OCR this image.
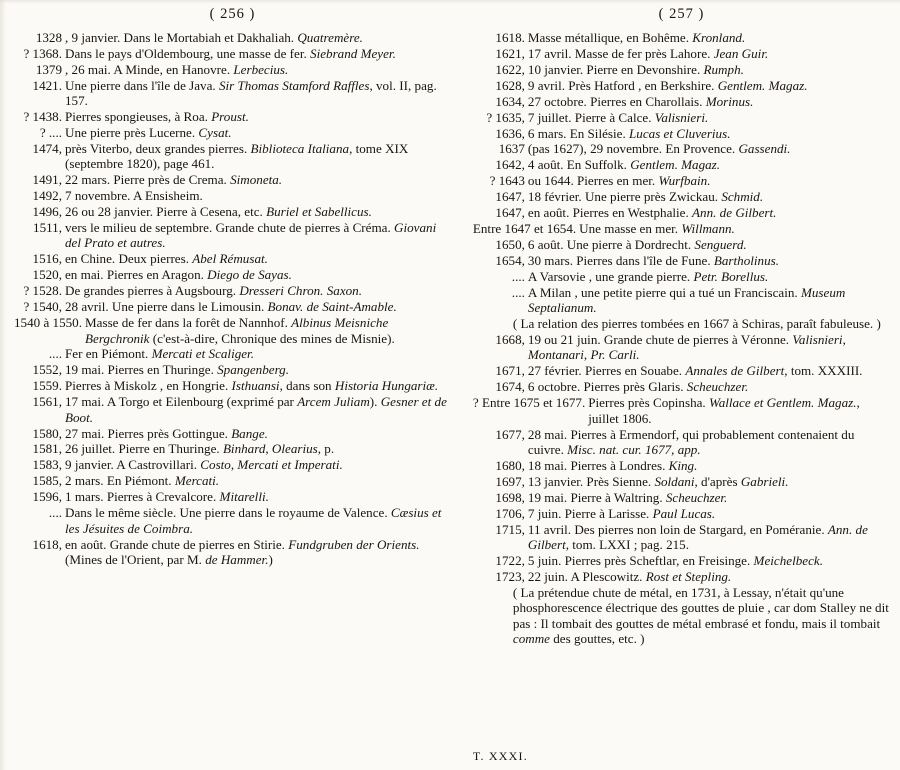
( 256 )
1328 , 9 janvier. Dans le Mortabiah et Dakhaliah. Quatremère.
? 1368. Dans le pays d'Oldembourg, une masse de fer. Siebrand Meyer.
1379 , 26 mai. A Minde, en Hanovre. Lerbecius.
1421. Une pierre dans l'île de Java. Sir Thomas Stamford Raffles, vol. II, pag. 157.
? 1438. Pierres spongieuses, à Roa. Proust.
? .... Une pierre près Lucerne. Cysat.
1474, près Viterbo, deux grandes pierres. Biblioteca Italiana, tome XIX (septembre 1820), page 461.
1491, 22 mars. Pierre près de Crema. Simoneta.
1492, 7 novembre. A Ensisheim.
1496, 26 ou 28 janvier. Pierre à Cesena, etc. Buriel et Sabellicus.
1511, vers le milieu de septembre. Grande chute de pierres à Créma. Giovani del Prato et autres.
1516, en Chine. Deux pierres. Abel Rémusat.
1520, en mai. Pierres en Aragon. Diego de Sayas.
? 1528. De grandes pierres à Augsbourg. Dresseri Chron. Saxon.
? 1540, 28 avril. Une pierre dans le Limousin. Bonav. de Saint-Amable.
1540 à 1550. Masse de fer dans la forêt de Nannhof. Albinus Meisniche Bergchronik (c'est-à-dire, Chronique des mines de Misnie).
.... Fer en Piémont. Mercati et Scaliger.
1552, 19 mai. Pierres en Thuringe. Spangenberg.
1559. Pierres à Miskolz , en Hongrie. Isthuansi, dans son Historia Hungariæ.
1561, 17 mai. A Torgo et Eilenbourg (exprimé par Arcem Juliam). Gesner et de Boot.
1580, 27 mai. Pierres près Gottingue. Bange.
1581, 26 juillet. Pierre en Thuringe. Binhard, Olearius, p.
1583, 9 janvier. A Castrovillari. Costo, Mercati et Imperati.
1585, 2 mars. En Piémont. Mercati.
1596, 1 mars. Pierres à Crevalcore. Mitarelli.
.... Dans le même siècle. Une pierre dans le royaume de Valence. Cæsius et les Jésuites de Coimbra.
1618, en août. Grande chute de pierres en Stirie. Fundgruben der Orients. (Mines de l'Orient, par M. de Hammer.)
( 257 )
1618. Masse métallique, en Bohême. Kronland.
1621, 17 avril. Masse de fer près Lahore. Jean Guir.
1622, 10 janvier. Pierre en Devonshire. Rumph.
1628, 9 avril. Près Hatford , en Berkshire. Gentlem. Magaz.
1634, 27 octobre. Pierres en Charollais. Morinus.
? 1635, 7 juillet. Pierre à Calce. Valisnieri.
1636, 6 mars. En Silésie. Lucas et Cluverius.
1637 (pas 1627), 29 novembre. En Provence. Gassendi.
1642, 4 août. En Suffolk. Gentlem. Magaz.
? 1643 ou 1644. Pierres en mer. Wurfbain.
1647, 18 février. Une pierre près Zwickau. Schmid.
1647, en août. Pierres en Westphalie. Ann. de Gilbert.
Entre 1647 et 1654. Une masse en mer. Willmann.
1650, 6 août. Une pierre à Dordrecht. Senguerd.
1654, 30 mars. Pierres dans l'île de Fune. Bartholinus.
.... A Varsovie , une grande pierre. Petr. Borellus.
.... A Milan , une petite pierre qui a tué un Franciscain. Museum Septalianum.
( La relation des pierres tombées en 1667 à Schiras, paraît fabuleuse. )
1668, 19 ou 21 juin. Grande chute de pierres à Véronne. Valisnieri, Montanari, Pr. Carli.
1671, 27 février. Pierres en Souabe. Annales de Gilbert, tom. XXXIII.
1674, 6 octobre. Pierres près Glaris. Scheuchzer.
? Entre 1675 et 1677. Pierres près Copinsha. Wallace et Gentlem. Magaz., juillet 1806.
1677, 28 mai. Pierres à Ermendorf, qui probablement contenaient du cuivre. Misc. nat. cur. 1677, app.
1680, 18 mai. Pierres à Londres. King.
1697, 13 janvier. Près Sienne. Soldani, d'après Gabrieli.
1698, 19 mai. Pierre à Waltring. Scheuchzer.
1706, 7 juin. Pierre à Larisse. Paul Lucas.
1715, 11 avril. Des pierres non loin de Stargard, en Poméranie. Ann. de Gilbert, tom. LXXI ; pag. 215.
1722, 5 juin. Pierres près Scheftlar, en Freisinge. Meichelbeck.
1723, 22 juin. A Plescowitz. Rost et Stepling.
( La prétendue chute de métal, en 1731, à Lessay, n'était qu'une phosphorescence électrique des gouttes de pluie , car dom Stalley ne dit pas : Il tombait des gouttes de métal embrasé et fondu, mais il tombait comme des gouttes, etc. )
T. XXXI.
